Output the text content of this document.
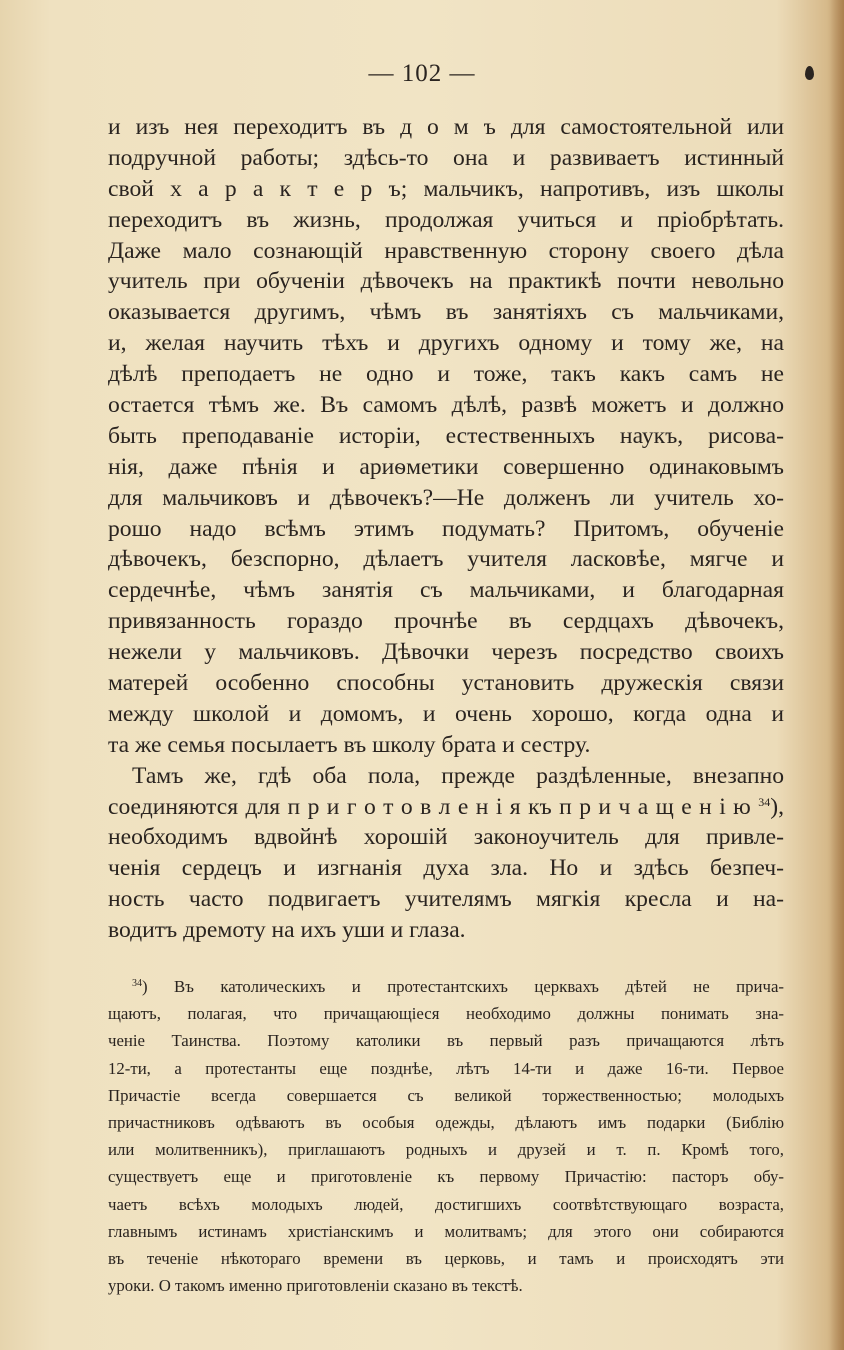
— 102 —
и изъ нея переходитъ въ д о м ъ для самостоятельной или
подручной работы; здѣсь-то она и развиваетъ истинный
свой х а р а к т е р ъ; мальчикъ, напротивъ, изъ школы
переходитъ въ жизнь, продолжая учиться и пріобрѣтать.
Даже мало сознающій нравственную сторону своего дѣла
учитель при обученіи дѣвочекъ на практикѣ почти невольно
оказывается другимъ, чѣмъ въ занятіяхъ съ мальчиками,
и, желая научить тѣхъ и другихъ одному и тому же, на
дѣлѣ преподаетъ не одно и тоже, такъ какъ самъ не
остается тѣмъ же. Въ самомъ дѣлѣ, развѣ можетъ и должно
быть преподаваніе исторіи, естественныхъ наукъ, рисова-
нія, даже пѣнія и ариѳметики совершенно одинаковымъ
для мальчиковъ и дѣвочекъ?—Не долженъ ли учитель хо-
рошо надо всѣмъ этимъ подумать? Притомъ, обученіе
дѣвочекъ, безспорно, дѣлаетъ учителя ласковѣе, мягче и
сердечнѣе, чѣмъ занятія съ мальчиками, и благодарная
привязанность гораздо прочнѣе въ сердцахъ дѣвочекъ,
нежели у мальчиковъ. Дѣвочки черезъ посредство своихъ
матерей особенно способны установить дружескія связи
между школой и домомъ, и очень хорошо, когда одна и
та же семья посылаетъ въ школу брата и сестру.
Тамъ же, гдѣ оба пола, прежде раздѣленные, внезапно
соединяются для п р и г о т о в л е н і я къ п р и ч а щ е н і ю $^{34}$),
необходимъ вдвойнѣ хорошій законоучитель для привле-
ченія сердецъ и изгнанія духа зла. Но и здѣсь безпеч-
ность часто подвигаетъ учителямъ мягкія кресла и на-
водитъ дремоту на ихъ уши и глаза.
$^{34}$) Въ католическихъ и протестантскихъ церквахъ дѣтей не прича-
щаютъ, полагая, что причащающіеся необходимо должны понимать зна-
ченіе Таинства. Поэтому католики въ первый разъ причащаются лѣтъ
12-ти, а протестанты еще позднѣе, лѣтъ 14-ти и даже 16-ти. Первое
Причастіе всегда совершается съ великой торжественностью; молодыхъ
причастниковъ одѣваютъ въ особыя одежды, дѣлаютъ имъ подарки (Библію
или молитвенникъ), приглашаютъ родныхъ и друзей и т. п. Кромѣ того,
существуетъ еще и приготовленіе къ первому Причастію: пасторъ обу-
чаетъ всѣхъ молодыхъ людей, достигшихъ соотвѣтствующаго возраста,
главнымъ истинамъ христіанскимъ и молитвамъ; для этого они собираются
въ теченіе нѣкотораго времени въ церковь, и тамъ и происходятъ эти
уроки. О такомъ именно приготовленіи сказано въ текстѣ.
